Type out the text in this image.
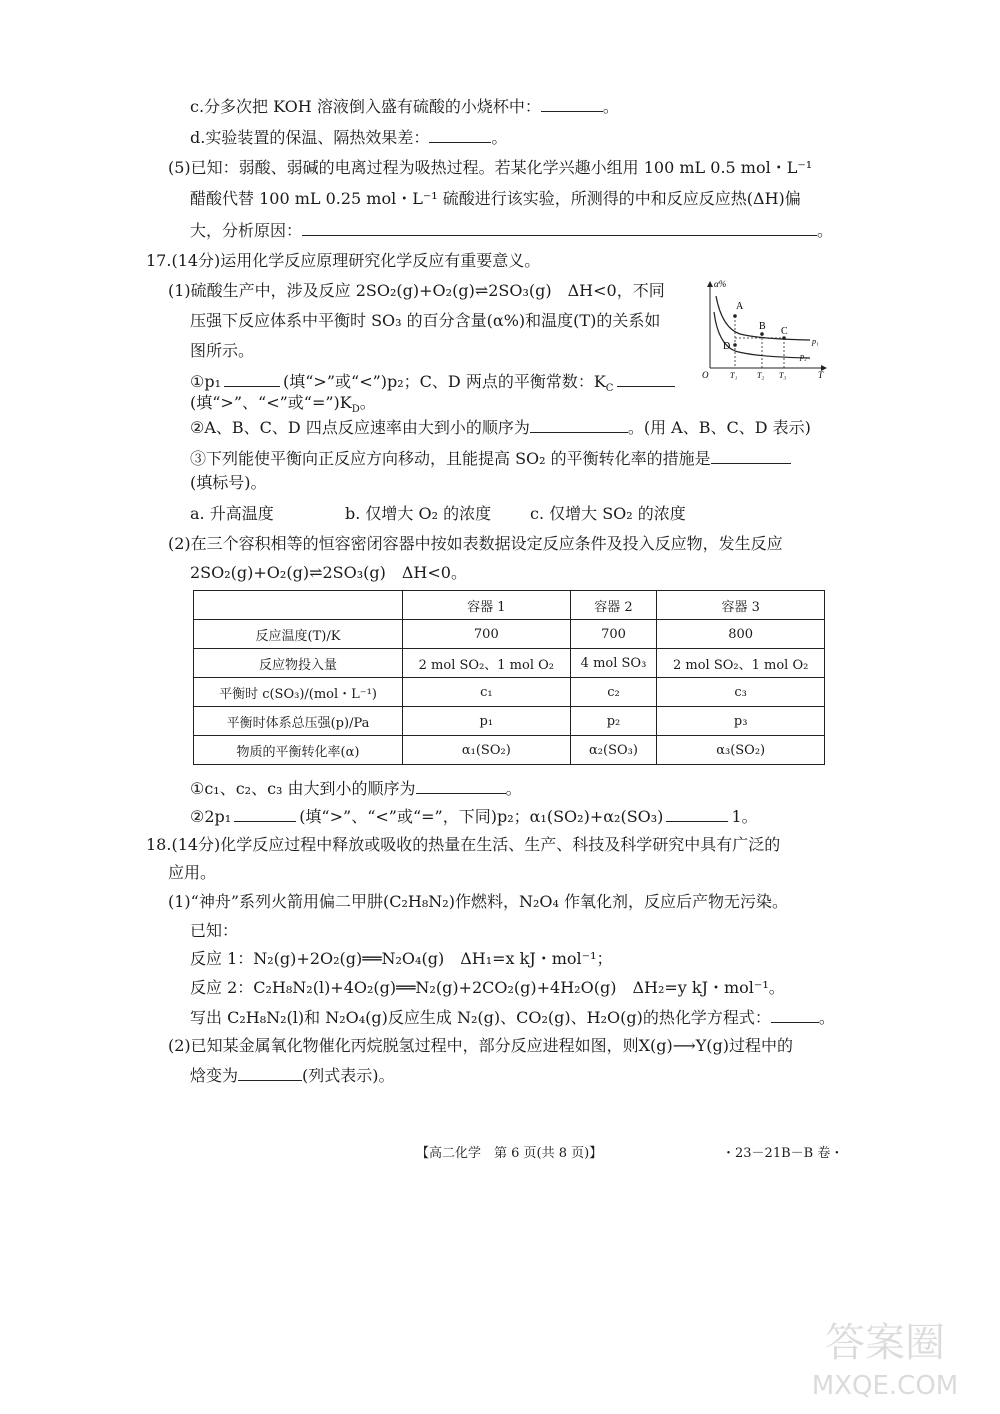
c.分多次把 KOH 溶液倒入盛有硫酸的小烧杯中：	。
d.实验装置的保温、隔热效果差：	。
(5)已知：弱酸、弱碱的电离过程为吸热过程。若某化学兴趣小组用 100 mL 0.5 mol・L⁻¹
醋酸代替 100 mL 0.25 mol・L⁻¹ 硫酸进行该实验，所测得的中和反应反应热(ΔH)偏
大，分析原因：	。
17.(14分)运用化学反应原理研究化学反应有重要意义。
(1)硫酸生产中，涉及反应 2SO₂(g)+O₂(g)⇌2SO₃(g)　ΔH<0，不同
压强下反应体系中平衡时 SO₃ 的百分含量(α%)和温度(T)的关系如
图所示。
①p₁	(填“>”或“<”)p₂；C、D 两点的平衡常数：$K_C$
(填“>”、“<”或“$=”)K_D$。
α%
O	T
A
B C
D	p₁
p₂
T₁ T₂ T₃
②A、B、C、D 四点反应速率由大到小的顺序为	。(用 A、B、C、D 表示)
③下列能使平衡向正反应方向移动，且能提高 SO₂ 的平衡转化率的措施是
(填标号)。
a. 升高温度	b. 仅增大 O₂ 的浓度 c. 仅增大 SO₂ 的浓度
(2)在三个容积相等的恒容密闭容器中按如表数据设定反应条件及投入反应物，发生反应
2SO₂(g)+O₂(g)⇌2SO₃(g)　ΔH<0。
	容器 1	容器 2	容器 3
反应温度(T)/K	700	700	800
反应物投入量	2 mol SO₂、1 mol O₂	4 mol SO₃	2 mol SO₂、1 mol O₂
平衡时 c(SO₃)/(mol・L⁻¹)	c₁	c₂	c₃
平衡时体系总压强(p)/Pa	p₁	p₂	p₃
物质的平衡转化率(α)	α₁(SO₂)	α₂(SO₃)	α₃(SO₂)
①c₁、c₂、c₃ 由大到小的顺序为	。
②2p₁	(填“>”、“<”或“=”，下同)p₂；α₁(SO₂)+α₂(SO₃)	1。
18.(14分)化学反应过程中释放或吸收的热量在生活、生产、科技及科学研究中具有广泛的
应用。
(1)“神舟”系列火箭用偏二甲肼(C₂H₈N₂)作燃料，N₂O₄ 作氧化剂，反应后产物无污染。
已知：
反应 1：N₂(g)+2O₂(g)══N₂O₄(g)　ΔH₁=x kJ・mol⁻¹；
反应 2：C₂H₈N₂(l)+4O₂(g)══N₂(g)+2CO₂(g)+4H₂O(g)　ΔH₂=y kJ・mol⁻¹。
写出 C₂H₈N₂(l)和 N₂O₄(g)反应生成 N₂(g)、CO₂(g)、H₂O(g)的热化学方程式：	。
(2)已知某金属氧化物催化丙烷脱氢过程中，部分反应进程如图，则X(g)⟶Y(g)过程中的
焓变为	(列式表示)。
【高二化学　第 6 页(共 8 页)】	・23－21B－B 卷・
答案圈
MXQE.COM
